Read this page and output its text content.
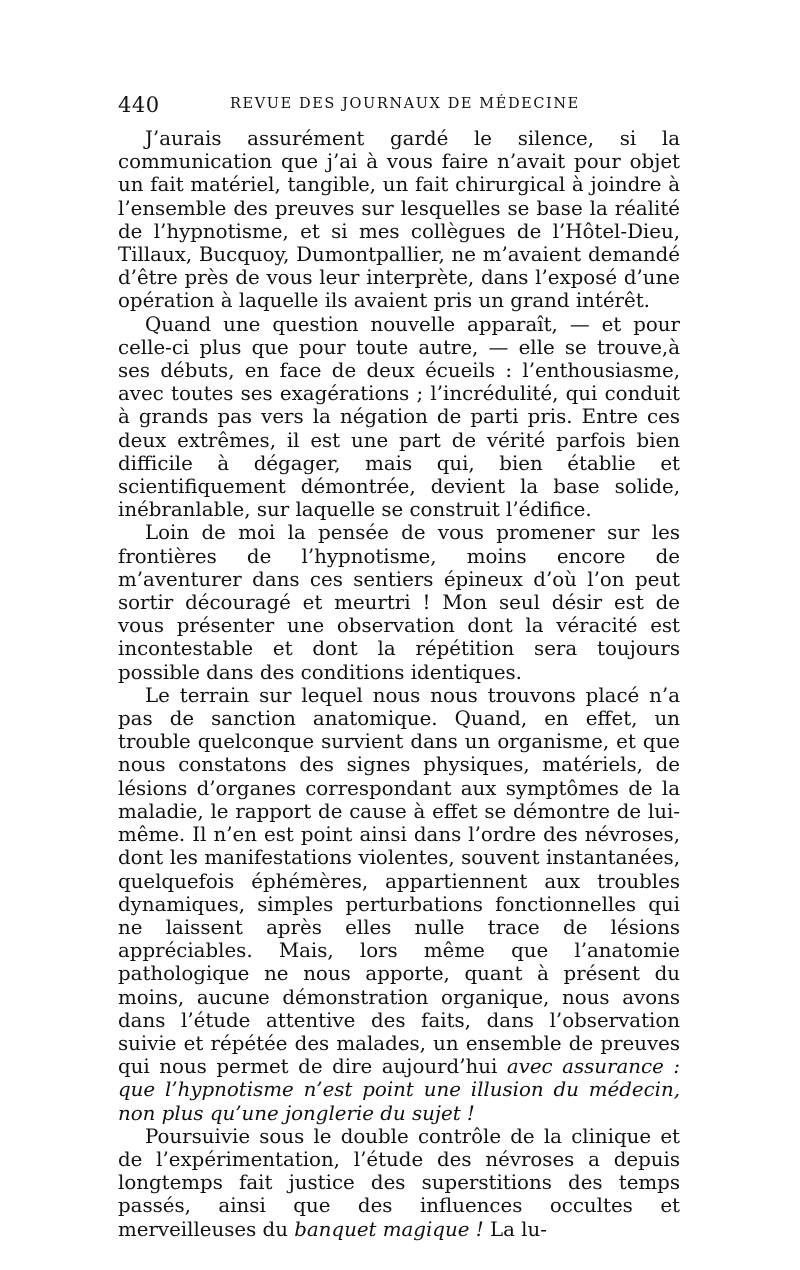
440	REVUE DES JOURNAUX DE MÉDECINE

J’aurais assurément gardé le silence, si la communication que j’ai à vous faire n’avait pour objet un fait matériel, tangible, un fait chirurgical à joindre à l’ensemble des preuves sur lesquelles se base la réalité de l’hypnotisme, et si mes collègues de l’Hôtel-Dieu, Tillaux, Bucquoy, Dumontpallier, ne m’avaient demandé d’être près de vous leur interprète, dans l’exposé d’une opération à laquelle ils avaient pris un grand intérêt.

Quand une question nouvelle apparaît, — et pour celle-ci plus que pour toute autre, — elle se trouve,à ses débuts, en face de deux écueils : l’enthousiasme, avec toutes ses exagérations ; l’incrédulité, qui conduit à grands pas vers la négation de parti pris. Entre ces deux extrêmes, il est une part de vérité parfois bien difficile à dégager, mais qui, bien établie et scientifiquement démontrée, devient la base solide, inébranlable, sur laquelle se construit l’édifice.

Loin de moi la pensée de vous promener sur les frontières de l’hypnotisme, moins encore de m’aventurer dans ces sentiers épineux d’où l’on peut sortir découragé et meurtri ! Mon seul désir est de vous présenter une observation dont la véracité est incontestable et dont la répétition sera toujours possible dans des conditions identiques.

Le terrain sur lequel nous nous trouvons placé n’a pas de sanction anatomique. Quand, en effet, un trouble quelconque survient dans un organisme, et que nous constatons des signes physiques, matériels, de lésions d’organes correspondant aux symptômes de la maladie, le rapport de cause à effet se démontre de lui-même. Il n’en est point ainsi dans l’ordre des névroses, dont les manifestations violentes, souvent instantanées, quelquefois éphémères, appartiennent aux troubles dynamiques, simples perturbations fonctionnelles qui ne laissent après elles nulle trace de lésions appréciables. Mais, lors même que l’anatomie pathologique ne nous apporte, quant à présent du moins, aucune démonstration organique, nous avons dans l’étude attentive des faits, dans l’observation suivie et répétée des malades, un ensemble de preuves qui nous permet de dire aujourd’hui avec assurance : que l’hypnotisme n’est point une illusion du médecin, non plus qu’une jonglerie du sujet !

Poursuivie sous le double contrôle de la clinique et de l’expérimentation, l’étude des névroses a depuis longtemps fait justice des superstitions des temps passés, ainsi que des influences occultes et merveilleuses du banquet magique ! La lu-
